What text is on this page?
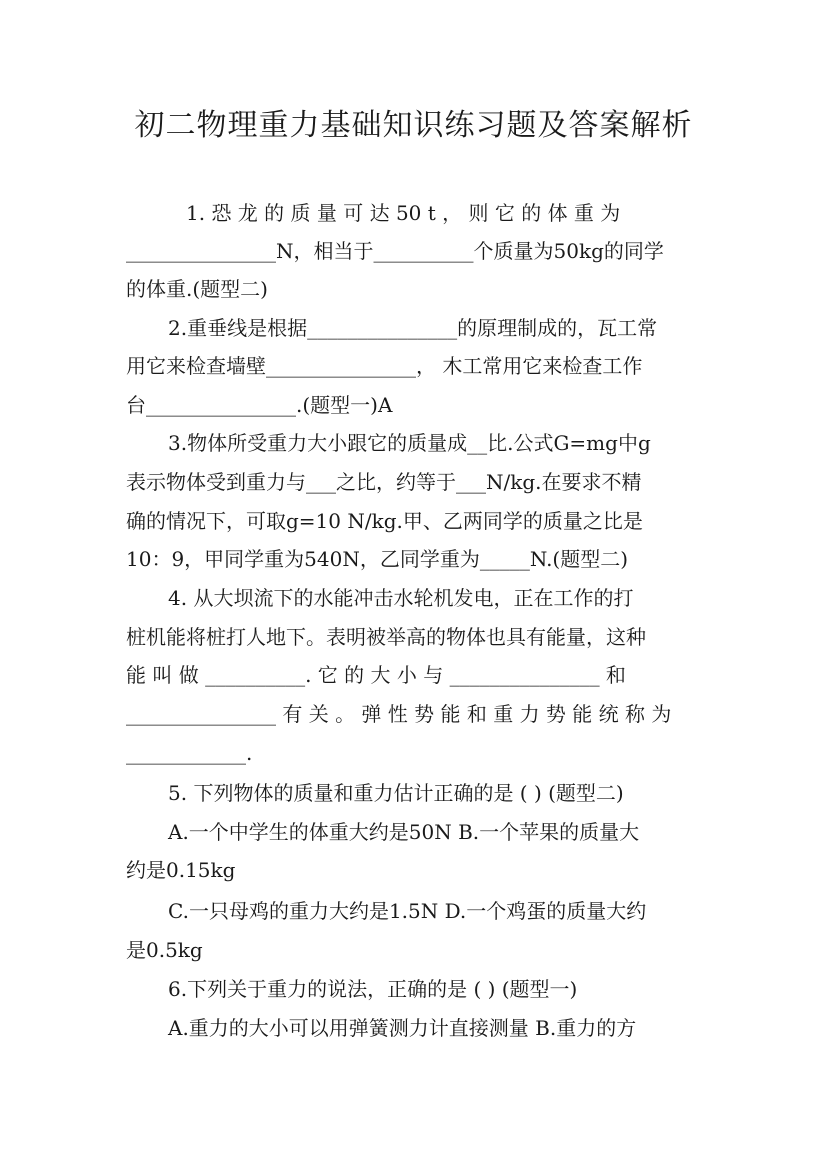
初二物理重力基础知识练习题及答案解析
1. 恐 龙 的 质 量 可 达 50 t ， 则 它 的 体 重 为
_______________N，相当于__________个质量为50kg的同学
的体重.(题型二)
2.重垂线是根据_______________的原理制成的，瓦工常
用它来检查墙壁_______________， 木工常用它来检查工作
台_______________.(题型一)A
3.物体所受重力大小跟它的质量成__比.公式G=mg中g
表示物体受到重力与___之比，约等于___N/kg.在要求不精
确的情况下，可取g=10 N/kg.甲、乙两同学的质量之比是
10：9，甲同学重为540N，乙同学重为_____N.(题型二)
4. 从大坝流下的水能冲击水轮机发电，正在工作的打
桩机能将桩打人地下。表明被举高的物体也具有能量，这种
能 叫 做 __________. 它 的 大 小 与 _______________ 和
_______________ 有 关 。 弹 性 势 能 和 重 力 势 能 统 称 为
____________.
5. 下列物体的质量和重力估计正确的是 ( ) (题型二)
A.一个中学生的体重大约是50N B.一个苹果的质量大
约是0.15kg
C.一只母鸡的重力大约是1.5N D.一个鸡蛋的质量大约
是0.5kg
6.下列关于重力的说法，正确的是 ( ) (题型一)
A.重力的大小可以用弹簧测力计直接测量 B.重力的方
